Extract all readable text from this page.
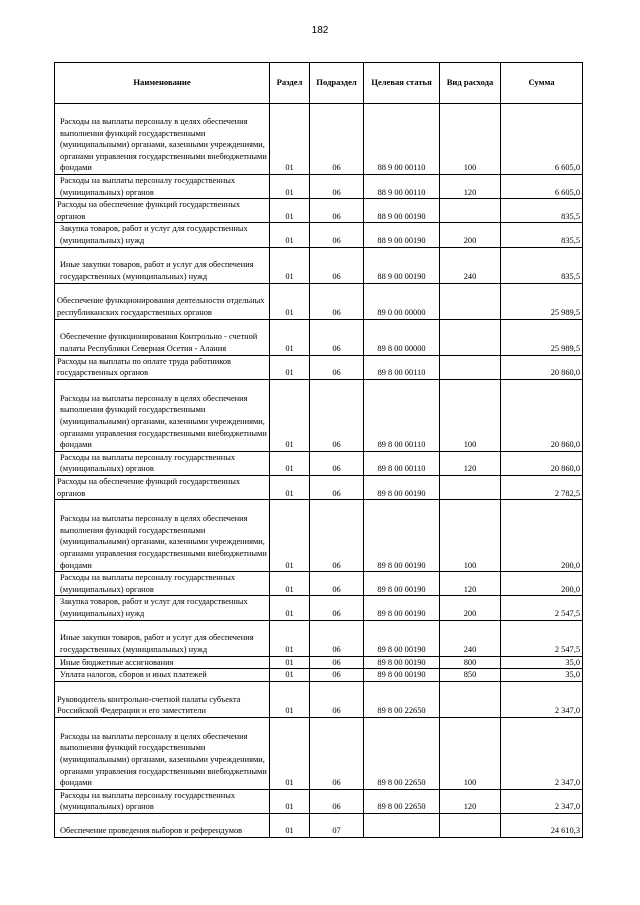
182
Наименование	Раздел	Подраздел	Целевая статья	Вид расхода	Сумма
Расходы на выплаты персоналу в целях обеспечения выполнения функций государственными (муниципальными) органами, казенными учреждениями, органами управления государственными внебюджетными фондами	01	06	88 9 00 00110	100	6 605,0
Расходы на выплаты персоналу государственных (муниципальных) органов	01	06	88 9 00 00110	120	6 605,0
Расходы на обеспечение функций государственных органов	01	06	88 9 00 00190		835,5
Закупка товаров, работ и услуг для государственных (муниципальных) нужд	01	06	88 9 00 00190	200	835,5
Иные закупки товаров, работ и услуг для обеспечения государственных (муниципальных) нужд	01	06	88 9 00 00190	240	835,5
Обеспечение функционирования деятельности отдельных республиканских государственных органов	01	06	89 0 00 00000		25 989,5
Обеспечение функционирования Контрольно - счетной палаты Республики Северная Осетия - Алания	01	06	89 8 00 00000		25 989,5
Расходы на выплаты по оплате труда работников государственных органов	01	06	89 8 00 00110		20 860,0
Расходы на выплаты персоналу в целях обеспечения выполнения функций государственными (муниципальными) органами, казенными учреждениями, органами управления государственными внебюджетными фондами	01	06	89 8 00 00110	100	20 860,0
Расходы на выплаты персоналу государственных (муниципальных) органов	01	06	89 8 00 00110	120	20 860,0
Расходы на обеспечение функций государственных органов	01	06	89 8 00 00190		2 782,5
Расходы на выплаты персоналу в целях обеспечения выполнения функций государственными (муниципальными) органами, казенными учреждениями, органами управления государственными внебюджетными фондами	01	06	89 8 00 00190	100	200,0
Расходы на выплаты персоналу государственных (муниципальных) органов	01	06	89 8 00 00190	120	200,0
Закупка товаров, работ и услуг для государственных (муниципальных) нужд	01	06	89 8 00 00190	200	2 547,5
Иные закупки товаров, работ и услуг для обеспечения государственных (муниципальных) нужд	01	06	89 8 00 00190	240	2 547,5
Иные бюджетные ассигнования	01	06	89 8 00 00190	800	35,0
Уплата налогов, сборов и иных платежей	01	06	89 8 00 00190	850	35,0
Руководитель контрольно-счетной палаты субъекта Российской Федерации и его заместители	01	06	89 8 00 22650		2 347,0
Расходы на выплаты персоналу в целях обеспечения выполнения функций государственными (муниципальными) органами, казенными учреждениями, органами управления государственными внебюджетными фондами	01	06	89 8 00 22650	100	2 347,0
Расходы на выплаты персоналу государственных (муниципальных) органов	01	06	89 8 00 22650	120	2 347,0
Обеспечение проведения выборов и референдумов	01	07			24 610,3
